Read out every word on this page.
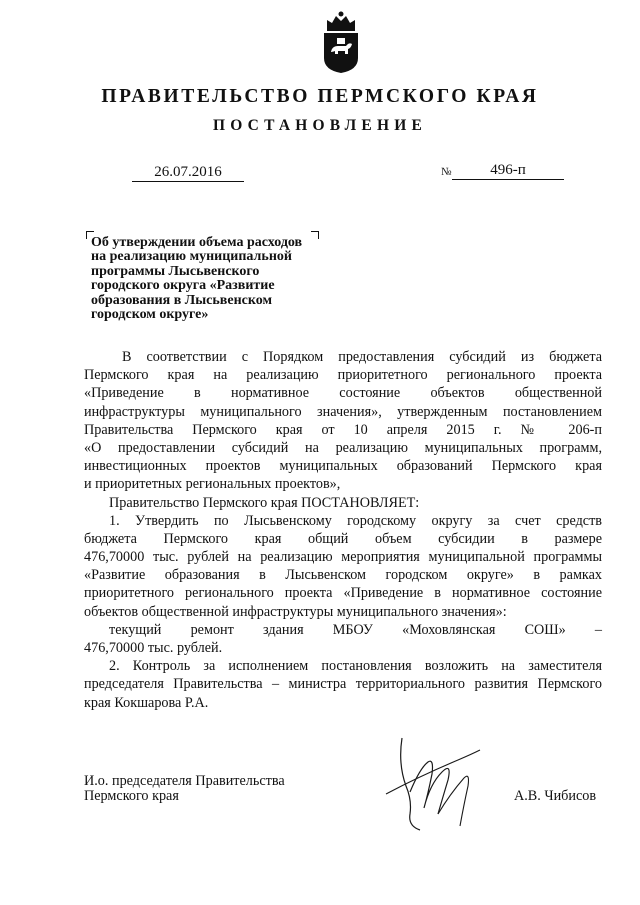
ПРАВИТЕЛЬСТВО ПЕРМСКОГО КРАЯ
ПОСТАНОВЛЕНИЕ
26.07.2016	№	496-п
Об утверждении объема расходов
на реализацию муниципальной
программы Лысьвенского
городского округа «Развитие
образования в Лысьвенском
городском округе»
В соответствии с Порядком предоставления субсидий из бюджета
Пермского края на реализацию приоритетного регионального проекта
«Приведение в нормативное состояние объектов общественной
инфраструктуры муниципального значения», утвержденным постановлением
Правительства Пермского края от 10 апреля 2015 г. № 206-п
«О предоставлении субсидий на реализацию муниципальных программ,
инвестиционных проектов муниципальных образований Пермского края
и приоритетных региональных проектов»,
Правительство Пермского края ПОСТАНОВЛЯЕТ:
1. Утвердить по Лысьвенскому городскому округу за счет средств
бюджета Пермского края общий объем субсидии в размере
476,70000 тыс. рублей на реализацию мероприятия муниципальной программы
«Развитие образования в Лысьвенском городском округе» в рамках
приоритетного регионального проекта «Приведение в нормативное состояние
объектов общественной инфраструктуры муниципального значения»:
текущий ремонт здания МБОУ «Моховлянская СОШ» –
476,70000 тыс. рублей.
2. Контроль за исполнением постановления возложить на заместителя
председателя Правительства – министра территориального развития Пермского
края Кокшарова Р.А.
И.о. председателя Правительства
Пермского края	А.В. Чибисов
